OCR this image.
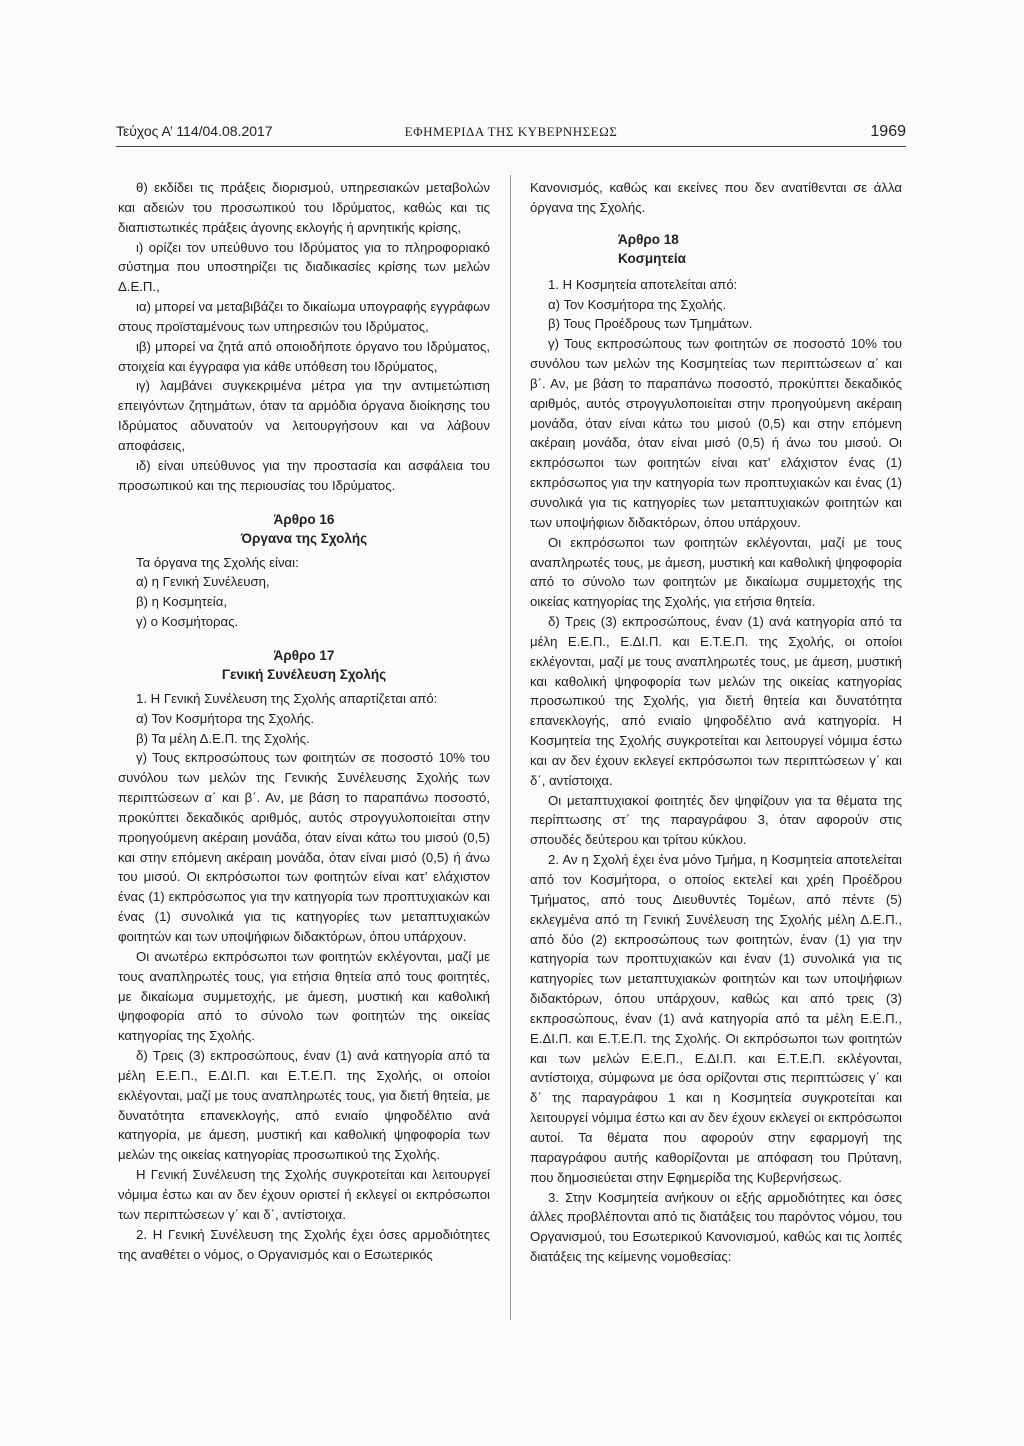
Τεύχος Α’ 114/04.08.2017	ΕΦΗΜΕΡΙΔΑ ΤΗΣ ΚΥΒΕΡΝΗΣΕΩΣ	1969

θ) εκδίδει τις πράξεις διορισμού, υπηρεσιακών μεταβολών και αδειών του προσωπικού του Ιδρύματος, καθώς και τις διαπιστωτικές πράξεις άγονης εκλογής ή αρνητικής κρίσης,

ι) ορίζει τον υπεύθυνο του Ιδρύματος για το πληροφοριακό σύστημα που υποστηρίζει τις διαδικασίες κρίσης των μελών Δ.Ε.Π.,

ια) μπορεί να μεταβιβάζει το δικαίωμα υπογραφής εγγράφων στους προϊσταμένους των υπηρεσιών του Ιδρύματος,

ιβ) μπορεί να ζητά από οποιοδήποτε όργανο του Ιδρύματος, στοιχεία και έγγραφα για κάθε υπόθεση του Ιδρύματος,

ιγ) λαμβάνει συγκεκριμένα μέτρα για την αντιμετώπιση επειγόντων ζητημάτων, όταν τα αρμόδια όργανα διοίκησης του Ιδρύματος αδυνατούν να λειτουργήσουν και να λάβουν αποφάσεις,

ιδ) είναι υπεύθυνος για την προστασία και ασφάλεια του προσωπικού και της περιουσίας του Ιδρύματος.

Άρθρο 16
Όργανα της Σχολής

Τα όργανα της Σχολής είναι:

α) η Γενική Συνέλευση,

β) η Κοσμητεία,

γ) ο Κοσμήτορας.

Άρθρο 17
Γενική Συνέλευση Σχολής

1. Η Γενική Συνέλευση της Σχολής απαρτίζεται από:

α) Τον Κοσμήτορα της Σχολής.

β) Τα μέλη Δ.Ε.Π. της Σχολής.

γ) Τους εκπροσώπους των φοιτητών σε ποσοστό 10% του συνόλου των μελών της Γενικής Συνέλευσης Σχολής των περιπτώσεων α΄ και β΄. Αν, με βάση το παραπάνω ποσοστό, προκύπτει δεκαδικός αριθμός, αυτός στρογγυλοποιείται στην προηγούμενη ακέραιη μονάδα, όταν είναι κάτω του μισού (0,5) και στην επόμενη ακέραιη μονάδα, όταν είναι μισό (0,5) ή άνω του μισού. Οι εκπρόσωποι των φοιτητών είναι κατ’ ελάχιστον ένας (1) εκπρόσωπος για την κατηγορία των προπτυχιακών και ένας (1) συνολικά για τις κατηγορίες των μεταπτυχιακών φοιτητών και των υποψήφιων διδακτόρων, όπου υπάρχουν.

Οι ανωτέρω εκπρόσωποι των φοιτητών εκλέγονται, μαζί με τους αναπληρωτές τους, για ετήσια θητεία από τους φοιτητές, με δικαίωμα συμμετοχής, με άμεση, μυστική και καθολική ψηφοφορία από το σύνολο των φοιτητών της οικείας κατηγορίας της Σχολής.

δ) Τρεις (3) εκπροσώπους, έναν (1) ανά κατηγορία από τα μέλη Ε.Ε.Π., Ε.ΔΙ.Π. και Ε.Τ.Ε.Π. της Σχολής, οι οποίοι εκλέγονται, μαζί με τους αναπληρωτές τους, για διετή θητεία, με δυνατότητα επανεκλογής, από ενιαίο ψηφοδέλτιο ανά κατηγορία, με άμεση, μυστική και καθολική ψηφοφορία των μελών της οικείας κατηγορίας προσωπικού της Σχολής.

Η Γενική Συνέλευση της Σχολής συγκροτείται και λειτουργεί νόμιμα έστω και αν δεν έχουν οριστεί ή εκλεγεί οι εκπρόσωποι των περιπτώσεων γ΄ και δ΄, αντίστοιχα.

2. Η Γενική Συνέλευση της Σχολής έχει όσες αρμοδιότητες της αναθέτει ο νόμος, ο Οργανισμός και ο Εσωτερικός

Κανονισμός, καθώς και εκείνες που δεν ανατίθενται σε άλλα όργανα της Σχολής.

Άρθρο 18
Κοσμητεία

1. Η Κοσμητεία αποτελείται από:

α) Τον Κοσμήτορα της Σχολής.

β) Τους Προέδρους των Τμημάτων.

γ) Τους εκπροσώπους των φοιτητών σε ποσοστό 10% του συνόλου των μελών της Κοσμητείας των περιπτώσεων α΄ και β΄. Αν, με βάση το παραπάνω ποσοστό, προκύπτει δεκαδικός αριθμός, αυτός στρογγυλοποιείται στην προηγούμενη ακέραιη μονάδα, όταν είναι κάτω του μισού (0,5) και στην επόμενη ακέραιη μονάδα, όταν είναι μισό (0,5) ή άνω του μισού. Οι εκπρόσωποι των φοιτητών είναι κατ’ ελάχιστον ένας (1) εκπρόσωπος για την κατηγορία των προπτυχιακών και ένας (1) συνολικά για τις κατηγορίες των μεταπτυχιακών φοιτητών και των υποψήφιων διδακτόρων, όπου υπάρχουν.

Οι εκπρόσωποι των φοιτητών εκλέγονται, μαζί με τους αναπληρωτές τους, με άμεση, μυστική και καθολική ψηφοφορία από το σύνολο των φοιτητών με δικαίωμα συμμετοχής της οικείας κατηγορίας της Σχολής, για ετήσια θητεία.

δ) Τρεις (3) εκπροσώπους, έναν (1) ανά κατηγορία από τα μέλη Ε.Ε.Π., Ε.ΔΙ.Π. και Ε.Τ.Ε.Π. της Σχολής, οι οποίοι εκλέγονται, μαζί με τους αναπληρωτές τους, με άμεση, μυστική και καθολική ψηφοφορία των μελών της οικείας κατηγορίας προσωπικού της Σχολής, για διετή θητεία και δυνατότητα επανεκλογής, από ενιαίο ψηφοδέλτιο ανά κατηγορία. Η Κοσμητεία της Σχολής συγκροτείται και λειτουργεί νόμιμα έστω και αν δεν έχουν εκλεγεί εκπρόσωποι των περιπτώσεων γ΄ και δ΄, αντίστοιχα.

Οι μεταπτυχιακοί φοιτητές δεν ψηφίζουν για τα θέματα της περίπτωσης στ΄ της παραγράφου 3, όταν αφορούν στις σπουδές δεύτερου και τρίτου κύκλου.

2. Αν η Σχολή έχει ένα μόνο Τμήμα, η Κοσμητεία αποτελείται από τον Κοσμήτορα, ο οποίος εκτελεί και χρέη Προέδρου Τμήματος, από τους Διευθυντές Τομέων, από πέντε (5) εκλεγμένα από τη Γενική Συνέλευση της Σχολής μέλη Δ.Ε.Π., από δύο (2) εκπροσώπους των φοιτητών, έναν (1) για την κατηγορία των προπτυχιακών και έναν (1) συνολικά για τις κατηγορίες των μεταπτυχιακών φοιτητών και των υποψήφιων διδακτόρων, όπου υπάρχουν, καθώς και από τρεις (3) εκπροσώπους, έναν (1) ανά κατηγορία από τα μέλη Ε.Ε.Π., Ε.ΔΙ.Π. και Ε.Τ.Ε.Π. της Σχολής. Οι εκπρόσωποι των φοιτητών και των μελών Ε.Ε.Π., Ε.ΔΙ.Π. και Ε.Τ.Ε.Π. εκλέγονται, αντίστοιχα, σύμφωνα με όσα ορίζονται στις περιπτώσεις γ΄ και δ΄ της παραγράφου 1 και η Κοσμητεία συγκροτείται και λειτουργεί νόμιμα έστω και αν δεν έχουν εκλεγεί οι εκπρόσωποι αυτοί. Τα θέματα που αφορούν στην εφαρμογή της παραγράφου αυτής καθορίζονται με απόφαση του Πρύτανη, που δημοσιεύεται στην Εφημερίδα της Κυβερνήσεως.

3. Στην Κοσμητεία ανήκουν οι εξής αρμοδιότητες και όσες άλλες προβλέπονται από τις διατάξεις του παρόντος νόμου, του Οργανισμού, του Εσωτερικού Κανονισμού, καθώς και τις λοιπές διατάξεις της κείμενης νομοθεσίας:
